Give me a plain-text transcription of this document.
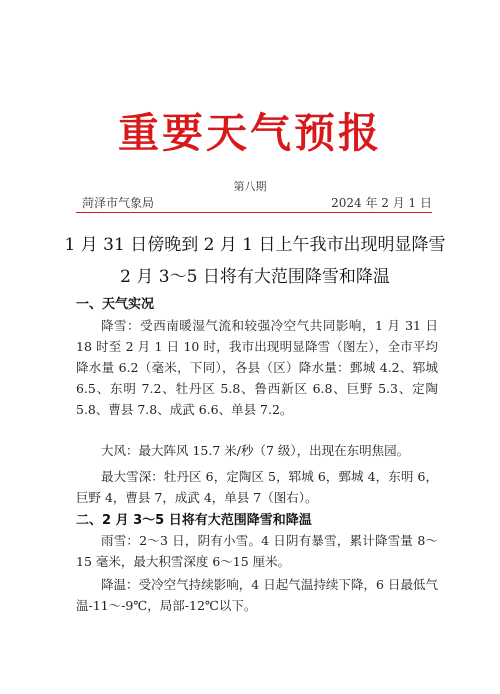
重要天气预报
第八期
菏泽市气象局	2024 年 2 月 1 日
1 月 31 日傍晚到 2 月 1 日上午我市出现明显降雪
2 月 3～5 日将有大范围降雪和降温
一、天气实况
降雪：受西南暖湿气流和较强冷空气共同影响，1 月 31 日 18 时至 2 月 1 日 10 时，我市出现明显降雪（图左），全市平均降水量 6.2（毫米，下同），各县（区）降水量：鄄城 4.2、郓城 6.5、东明 7.2、牡丹区 5.8、鲁西新区 6.8、巨野 5.3、定陶 5.8、曹县 7.8、成武 6.6、单县 7.2。
大风：最大阵风 15.7 米/秒（7 级），出现在东明焦园。
最大雪深：牡丹区 6，定陶区 5，郓城 6，鄄城 4，东明 6，巨野 4，曹县 7，成武 4，单县 7（图右）。
二、2 月 3～5 日将有大范围降雪和降温
雨雪：2～3 日，阴有小雪。4 日阴有暴雪，累计降雪量 8～15 毫米，最大积雪深度 6～15 厘米。
降温：受冷空气持续影响，4 日起气温持续下降，6 日最低气温-11～-9℃，局部-12℃以下。
